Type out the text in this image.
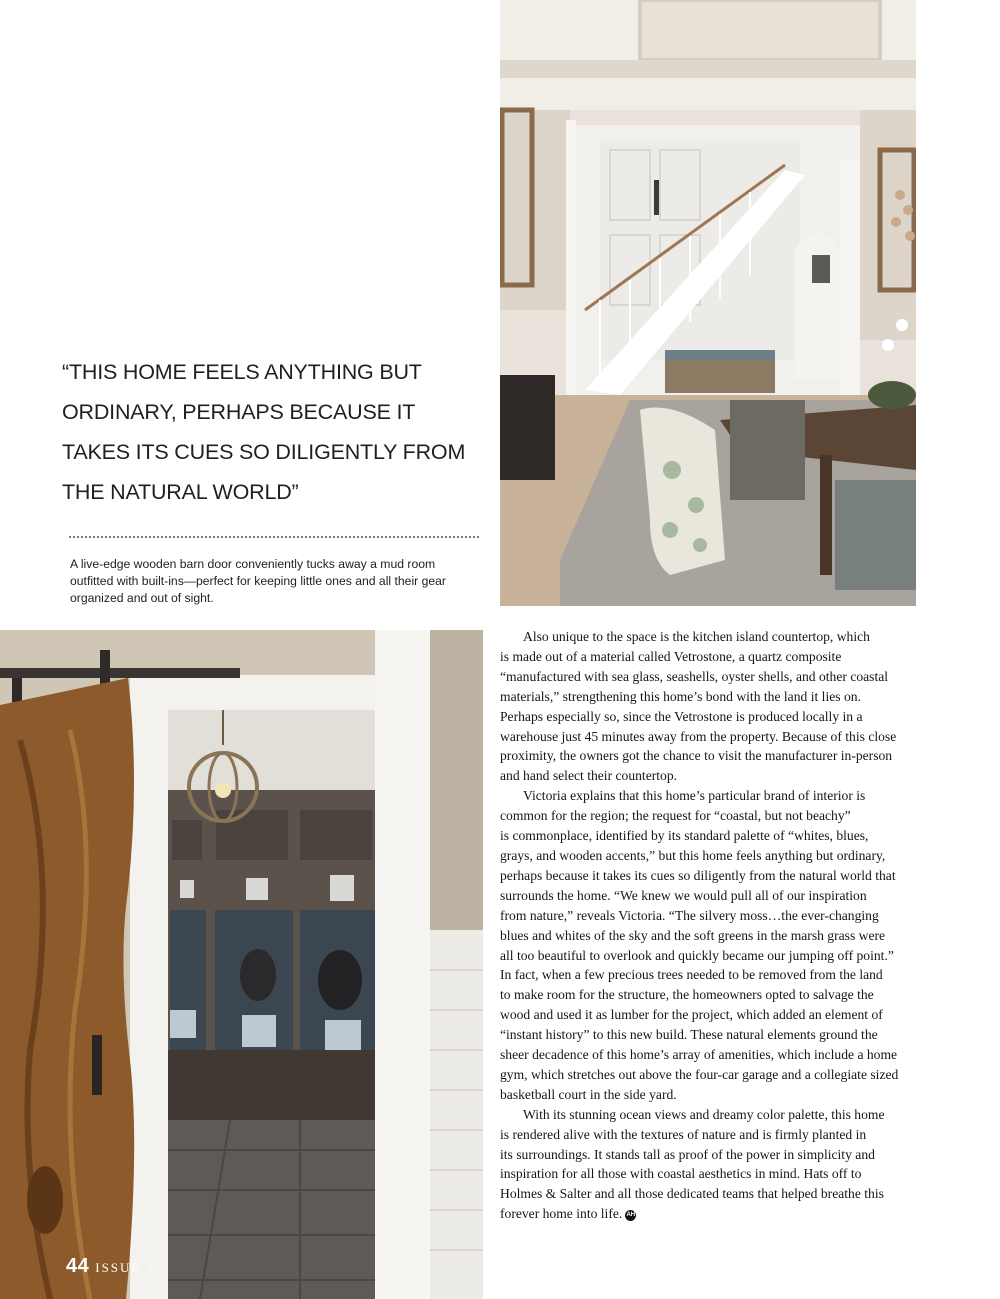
“THIS HOME FEELS ANYTHING BUT
ORDINARY, PERHAPS BECAUSE IT
TAKES ITS CUES SO DILIGENTLY FROM
THE NATURAL WORLD”
A live-edge wooden barn door conveniently tucks away a mud room
outfitted with built-ins—perfect for keeping little ones and all their gear
organized and out of sight.
Also unique to the space is the kitchen island countertop, which
is made out of a material called Vetrostone, a quartz composite
“manufactured with sea glass, seashells, oyster shells, and other coastal
materials,” strengthening this home’s bond with the land it lies on.
Perhaps especially so, since the Vetrostone is produced locally in a
warehouse just 45 minutes away from the property. Because of this close
proximity, the owners got the chance to visit the manufacturer in-person
and hand select their countertop.
Victoria explains that this home’s particular brand of interior is
common for the region; the request for “coastal, but not beachy”
is commonplace, identified by its standard palette of “whites, blues,
grays, and wooden accents,” but this home feels anything but ordinary,
perhaps because it takes its cues so diligently from the natural world that
surrounds the home. “We knew we would pull all of our inspiration
from nature,” reveals Victoria. “The silvery moss…the ever-changing
blues and whites of the sky and the soft greens in the marsh grass were
all too beautiful to overlook and quickly became our jumping off point.”
In fact, when a few precious trees needed to be removed from the land
to make room for the structure, the homeowners opted to salvage the
wood and used it as lumber for the project, which added an element of
“instant history” to this new build. These natural elements ground the
sheer decadence of this home’s array of amenities, which include a home
gym, which stretches out above the four-car garage and a collegiate sized
basketball court in the side yard.
With its stunning ocean views and dreamy color palette, this home
is rendered alive with the textures of nature and is firmly planted in
its surroundings. It stands tall as proof of the power in simplicity and
inspiration for all those with coastal aesthetics in mind. Hats off to
Holmes & Salter and all those dedicated teams that helped breathe this
forever home into life. AH
44 ISSUE 7
